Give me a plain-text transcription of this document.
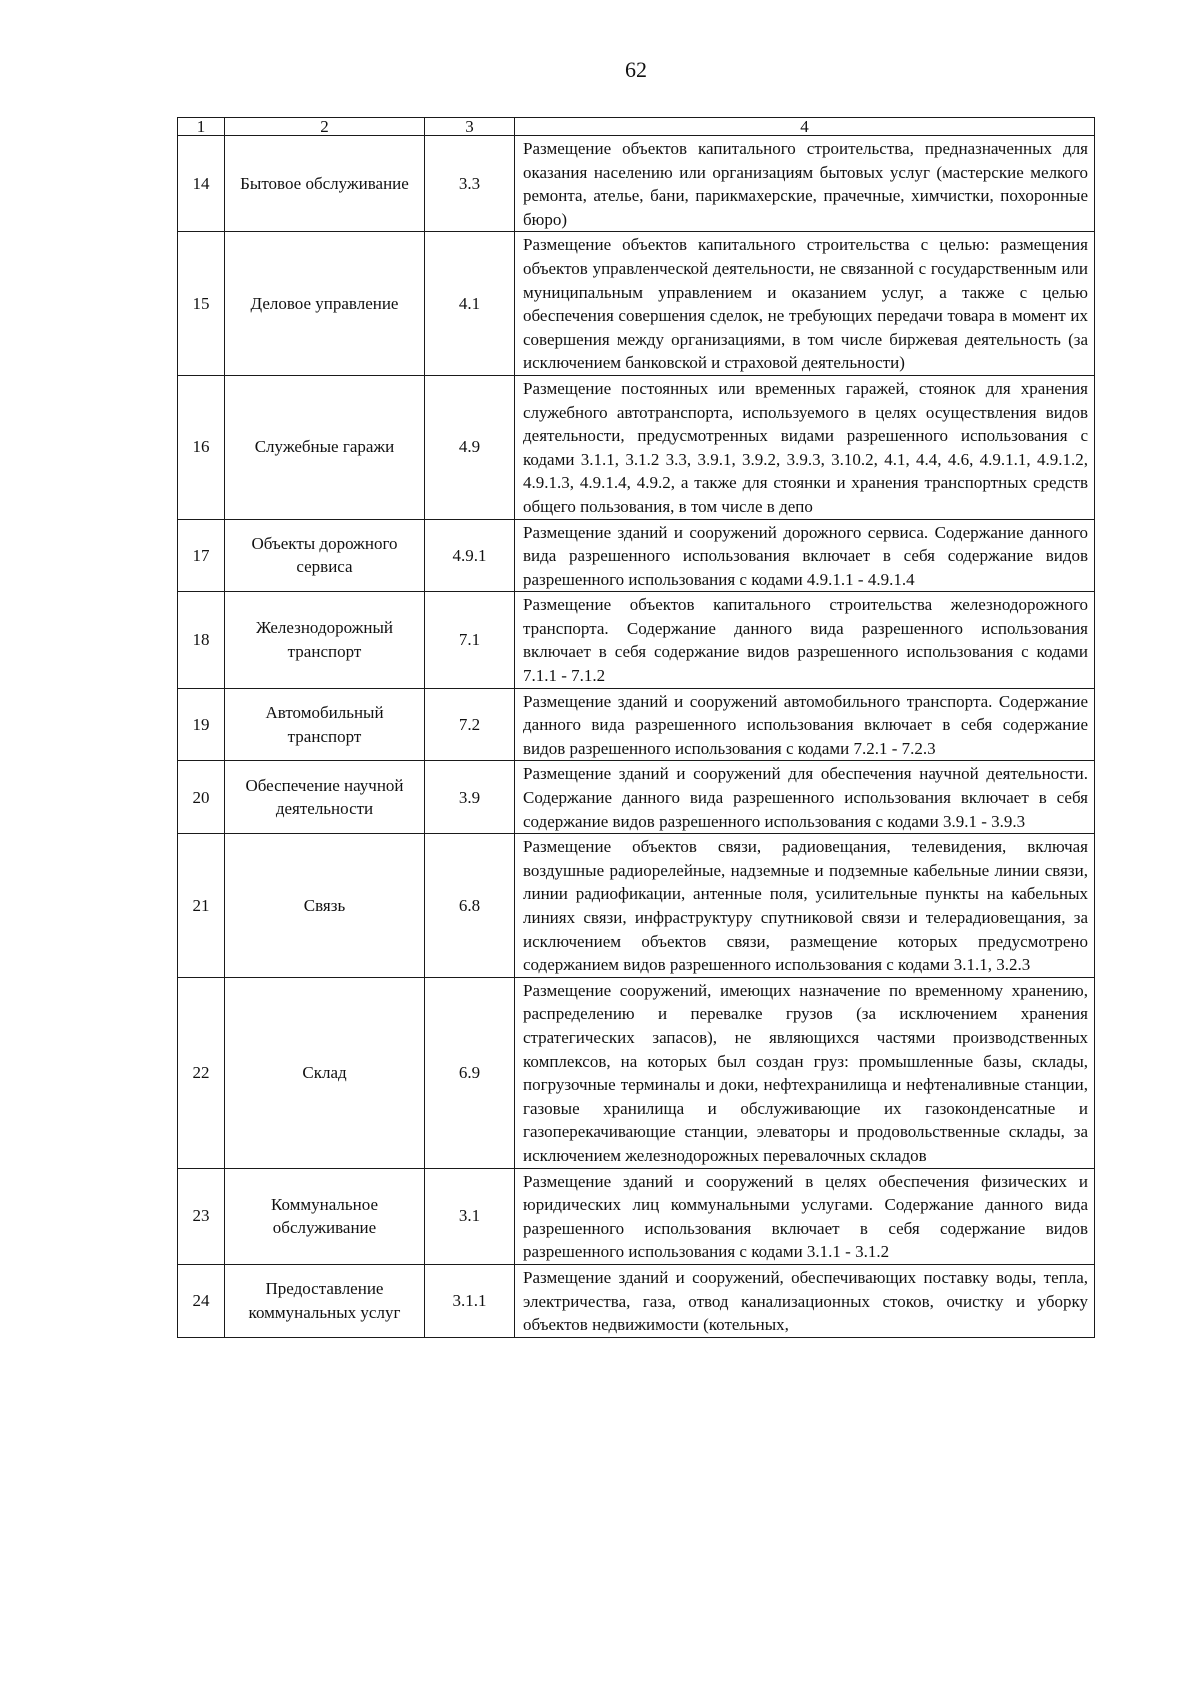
62
1	2	3	4
14	Бытовое обслуживание	3.3	Размещение объектов капитального строительства, предназначенных для оказания населению или организациям бытовых услуг (мастерские мелкого ремонта, ателье, бани, парикмахерские, прачечные, химчистки, похоронные бюро)
15	Деловое управление	4.1	Размещение объектов капитального строительства с целью: размещения объектов управленческой деятельности, не связанной с государственным или муниципальным управлением и оказанием услуг, а также с целью обеспечения совершения сделок, не требующих передачи товара в момент их совершения между организациями, в том числе биржевая деятельность (за исключением банковской и страховой деятельности)
16	Служебные гаражи	4.9	Размещение постоянных или временных гаражей, стоянок для хранения служебного автотранспорта, используемого в целях осуществления видов деятельности, предусмотренных видами разрешенного использования с кодами 3.1.1, 3.1.2 3.3, 3.9.1, 3.9.2, 3.9.3, 3.10.2, 4.1, 4.4, 4.6, 4.9.1.1, 4.9.1.2, 4.9.1.3, 4.9.1.4, 4.9.2, а также для стоянки и хранения транспортных средств общего пользования, в том числе в депо
17	Объекты дорожного сервиса	4.9.1	Размещение зданий и сооружений дорожного сервиса. Содержание данного вида разрешенного использования включает в себя содержание видов разрешенного использования с кодами 4.9.1.1 - 4.9.1.4
18	Железнодорожный транспорт	7.1	Размещение объектов капитального строительства железнодорожного транспорта. Содержание данного вида разрешенного использования включает в себя содержание видов разрешенного использования с кодами 7.1.1 - 7.1.2
19	Автомобильный транспорт	7.2	Размещение зданий и сооружений автомобильного транспорта. Содержание данного вида разрешенного использования включает в себя содержание видов разрешенного использования с кодами 7.2.1 - 7.2.3
20	Обеспечение научной деятельности	3.9	Размещение зданий и сооружений для обеспечения научной деятельности. Содержание данного вида разрешенного использования включает в себя содержание видов разрешенного использования с кодами 3.9.1 - 3.9.3
21	Связь	6.8	Размещение объектов связи, радиовещания, телевидения, включая воздушные радиорелейные, надземные и подземные кабельные линии связи, линии радиофикации, антенные поля, усилительные пункты на кабельных линиях связи, инфраструктуру спутниковой связи и телерадиовещания, за исключением объектов связи, размещение которых предусмотрено содержанием видов разрешенного использования с кодами 3.1.1, 3.2.3
22	Склад	6.9	Размещение сооружений, имеющих назначение по временному хранению, распределению и перевалке грузов (за исключением хранения стратегических запасов), не являющихся частями производственных комплексов, на которых был создан груз: промышленные базы, склады, погрузочные терминалы и доки, нефтехранилища и нефтеналивные станции, газовые хранилища и обслуживающие их газоконденсатные и газоперекачивающие станции, элеваторы и продовольственные склады, за исключением железнодорожных перевалочных складов
23	Коммунальное обслуживание	3.1	Размещение зданий и сооружений в целях обеспечения физических и юридических лиц коммунальными услугами. Содержание данного вида разрешенного использования включает в себя содержание видов разрешенного использования с кодами 3.1.1 - 3.1.2
24	Предоставление коммунальных услуг	3.1.1	Размещение зданий и сооружений, обеспечивающих поставку воды, тепла, электричества, газа, отвод канализационных стоков, очистку и уборку объектов недвижимости (котельных,
